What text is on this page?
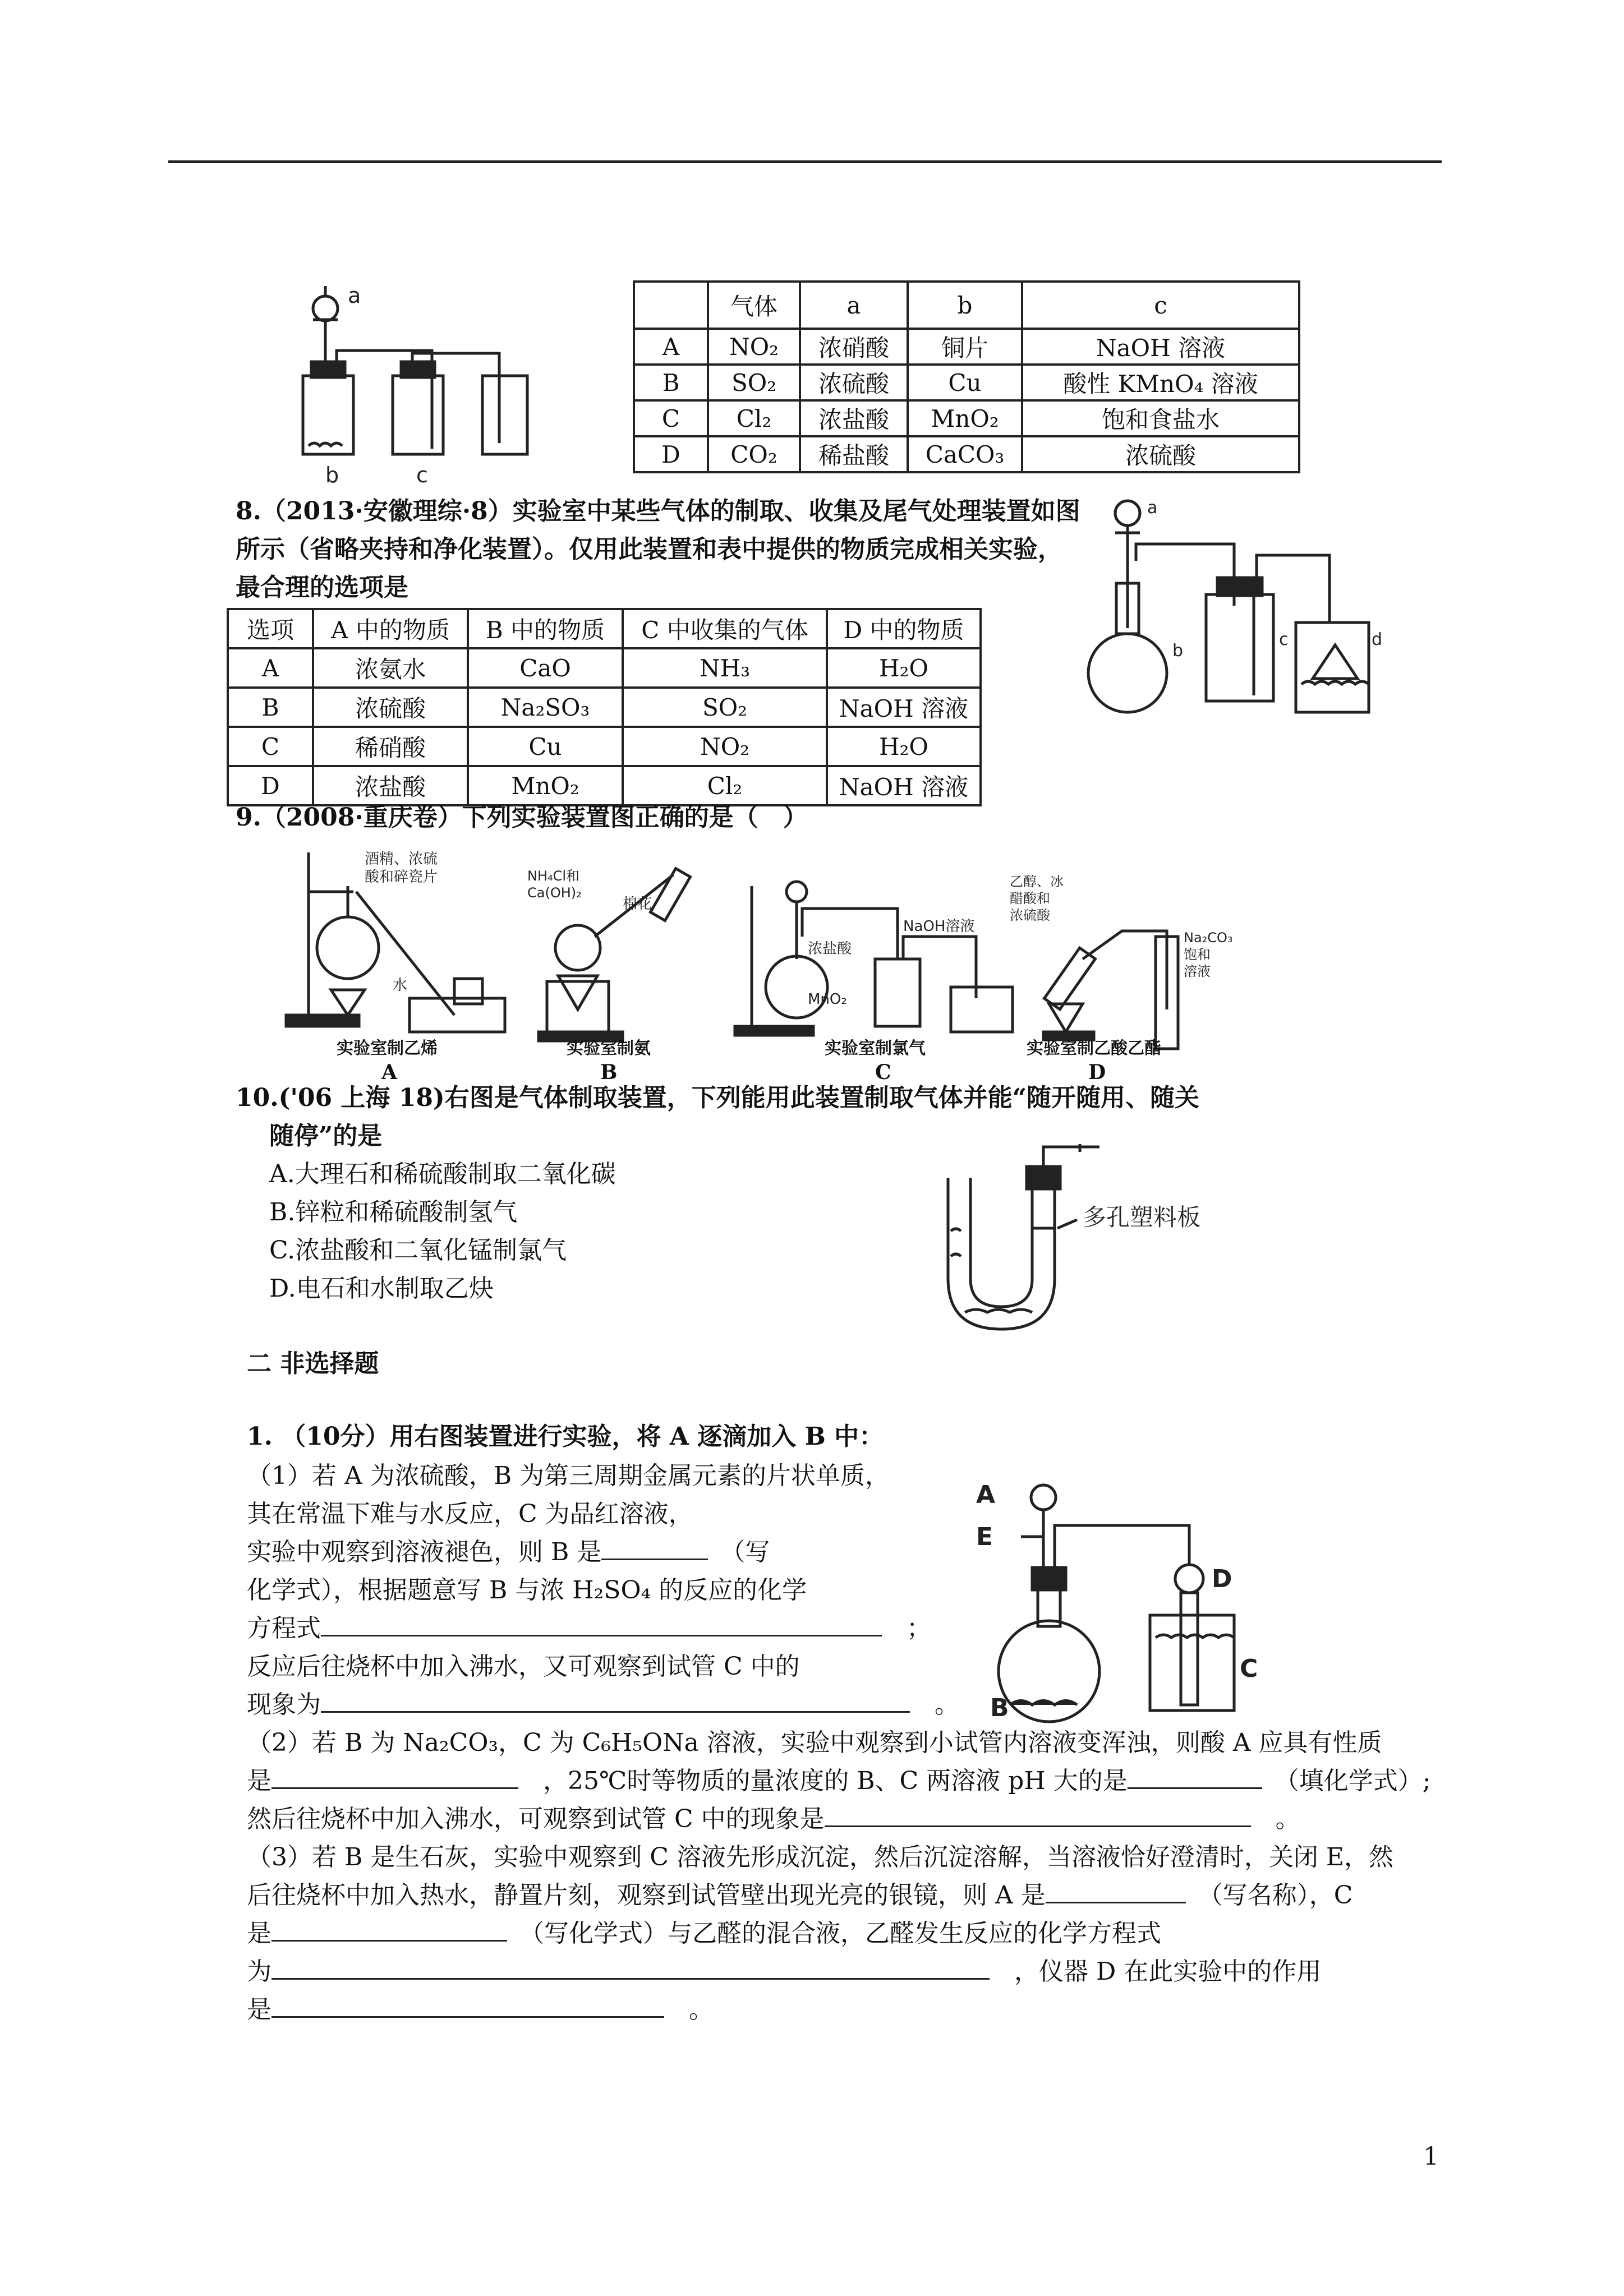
a
b	c
	气体	a	b	c
A	NO₂	浓硝酸	铜片	NaOH 溶液
B	SO₂	浓硫酸	Cu	酸性 KMnO₄ 溶液
C	Cl₂	浓盐酸	MnO₂	饱和食盐水
D	CO₂	稀盐酸	CaCO₃	浓硫酸
8.（2013·安徽理综·8）实验室中某些气体的制取、收集及尾气处理装置如图
所示（省略夹持和净化装置）。仅用此装置和表中提供的物质完成相关实验，
最合理的选项是
选项	A 中的物质	B 中的物质	C 中收集的气体	D 中的物质
A	浓氨水	CaO	NH₃	H₂O
B	浓硫酸	Na₂SO₃	SO₂	NaOH 溶液
C	稀硝酸	Cu	NO₂	H₂O
D	浓盐酸	MnO₂	Cl₂	NaOH 溶液
a
b
c	d
9.（2008·重庆卷）下列实验装置图正确的是（　）
酒精、浓硫
酸和碎瓷片
水
实验室制乙烯
A
NH₄Cl和
Ca(OH)₂
棉花
实验室制氨
B
浓盐酸
MnO₂
NaOH溶液
实验室制氯气
C
乙醇、冰
醋酸和
浓硫酸
Na₂CO₃
饱和
溶液
实验室制乙酸乙酯
D
10.('06 上海 18)右图是气体制取装置，下列能用此装置制取气体并能“随开随用、随关
随停”的是
A.大理石和稀硫酸制取二氧化碳
B.锌粒和稀硫酸制氢气
C.浓盐酸和二氧化锰制氯气
D.电石和水制取乙炔
多孔塑料板
二 非选择题
1. （10分）用右图装置进行实验，将 A 逐滴加入 B 中：
（1）若 A 为浓硫酸，B 为第三周期金属元素的片状单质，
其在常温下难与水反应，C 为品红溶液，
实验中观察到溶液褪色，则 B 是　	（写
化学式），根据题意写 B 与浓 H₂SO₄ 的反应的化学
方程式　	；
反应后往烧杯中加入沸水，又可观察到试管 C 中的
现象为　	。
A
E
B
C
D
（2）若 B 为 Na₂CO₃，C 为 C₆H₅ONa 溶液，实验中观察到小试管内溶液变浑浊，则酸 A 应具有性质
是　	，25℃时等物质的量浓度的 B、C 两溶液 pH 大的是　	（填化学式）;
然后往烧杯中加入沸水，可观察到试管 C 中的现象是　	。
（3）若 B 是生石灰，实验中观察到 C 溶液先形成沉淀，然后沉淀溶解，当溶液恰好澄清时，关闭 E，然
后往烧杯中加入热水，静置片刻，观察到试管壁出现光亮的银镜，则 A 是　	（写名称），C
是　	（写化学式）与乙醛的混合液，乙醛发生反应的化学方程式
为　	，仪器 D 在此实验中的作用
是　	。
1
